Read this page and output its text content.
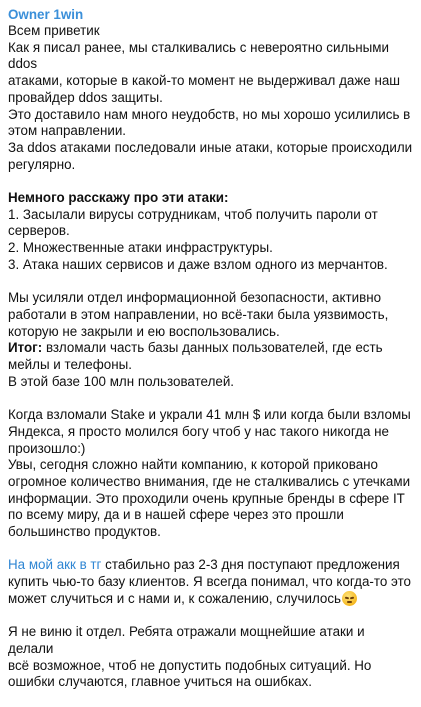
Owner 1win
Всем приветик
Как я писал ранее, мы сталкивались с невероятно сильными ddos
атаками, которые в какой-то момент не выдерживал даже наш
провайдер ddos защиты.
Это доставило нам много неудобств, но мы хорошо усилились в
этом направлении.
За ddos атаками последовали иные атаки, которые происходили
регулярно.
Немного расскажу про эти атаки:
1. Засылали вирусы сотрудникам, чтоб получить пароли от
серверов.
2. Множественные атаки инфраструктуры.
3. Атака наших сервисов и даже взлом одного из мерчантов.
Мы усиляли отдел информационной безопасности, активно
работали в этом направлении, но всё-таки была уязвимость,
которую не закрыли и ею воспользовались.
Итог: взломали часть базы данных пользователей, где есть
мейлы и телефоны.
В этой базе 100 млн пользователей.
Когда взломали Stake и украли 41 млн $ или когда были взломы
Яндекса, я просто молился богу чтоб у нас такого никогда не
произошло:)
Увы, сегодня сложно найти компанию, к которой приковано
огромное количество внимания, где не сталкивались с утечками
информации. Это проходили очень крупные бренды в сфере IT
по всему миру, да и в нашей сфере через это прошли
большинство продуктов.
На мой акк в тг стабильно раз 2-3 дня поступают предложения
купить чью-то базу клиентов. Я всегда понимал, что когда-то это
может случиться и с нами и, к сожалению, случилось
Я не виню it отдел. Ребята отражали мощнейшие атаки и делали
всё возможное, чтоб не допустить подобных ситуаций. Но
ошибки случаются, главное учиться на ошибках.
